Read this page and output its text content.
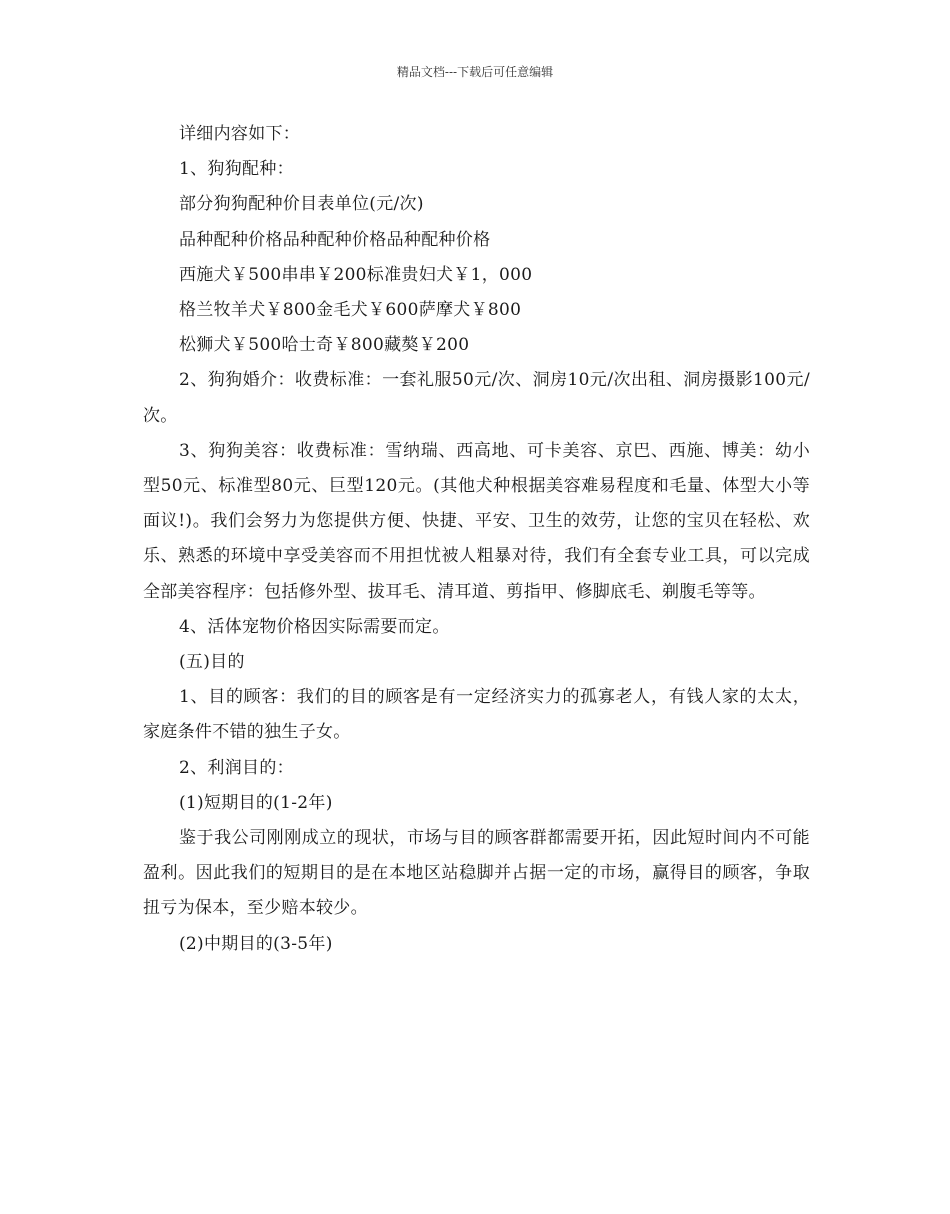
精品文档---下载后可任意编辑

详细内容如下：

1、狗狗配种：

部分狗狗配种价目表单位(元/次)

品种配种价格品种配种价格品种配种价格

西施犬￥500串串￥200标准贵妇犬￥1，000

格兰牧羊犬￥800金毛犬￥600萨摩犬￥800

松狮犬￥500哈士奇￥800藏獒￥200

2、狗狗婚介：收费标准：一套礼服50元/次、洞房10元/次出租、洞房摄影100元/次。

3、狗狗美容：收费标准：雪纳瑞、西高地、可卡美容、京巴、西施、博美：幼小型50元、标准型80元、巨型120元。(其他犬种根据美容难易程度和毛量、体型大小等面议!)。我们会努力为您提供方便、快捷、平安、卫生的效劳，让您的宝贝在轻松、欢乐、熟悉的环境中享受美容而不用担忧被人粗暴对待，我们有全套专业工具，可以完成全部美容程序：包括修外型、拔耳毛、清耳道、剪指甲、修脚底毛、剃腹毛等等。

4、活体宠物价格因实际需要而定。

(五)目的

1、目的顾客：我们的目的顾客是有一定经济实力的孤寡老人，有钱人家的太太，家庭条件不错的独生子女。

2、利润目的：

(1)短期目的(1-2年)

鉴于我公司刚刚成立的现状，市场与目的顾客群都需要开拓，因此短时间内不可能盈利。因此我们的短期目的是在本地区站稳脚并占据一定的市场，赢得目的顾客，争取扭亏为保本，至少赔本较少。

(2)中期目的(3-5年)
